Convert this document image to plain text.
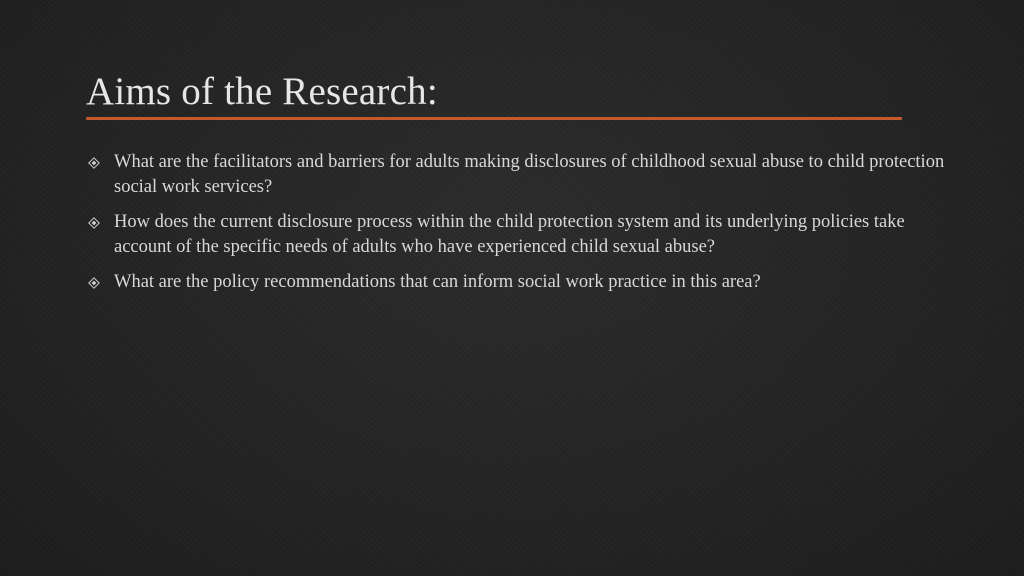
Aims of the Research:
What are the facilitators and barriers for adults making disclosures of childhood sexual abuse to child protection social work services?
How does the current disclosure process within the child protection system and its underlying policies take account of the specific needs of adults who have experienced child sexual abuse?
What are the policy recommendations that can inform social work practice in this area?
